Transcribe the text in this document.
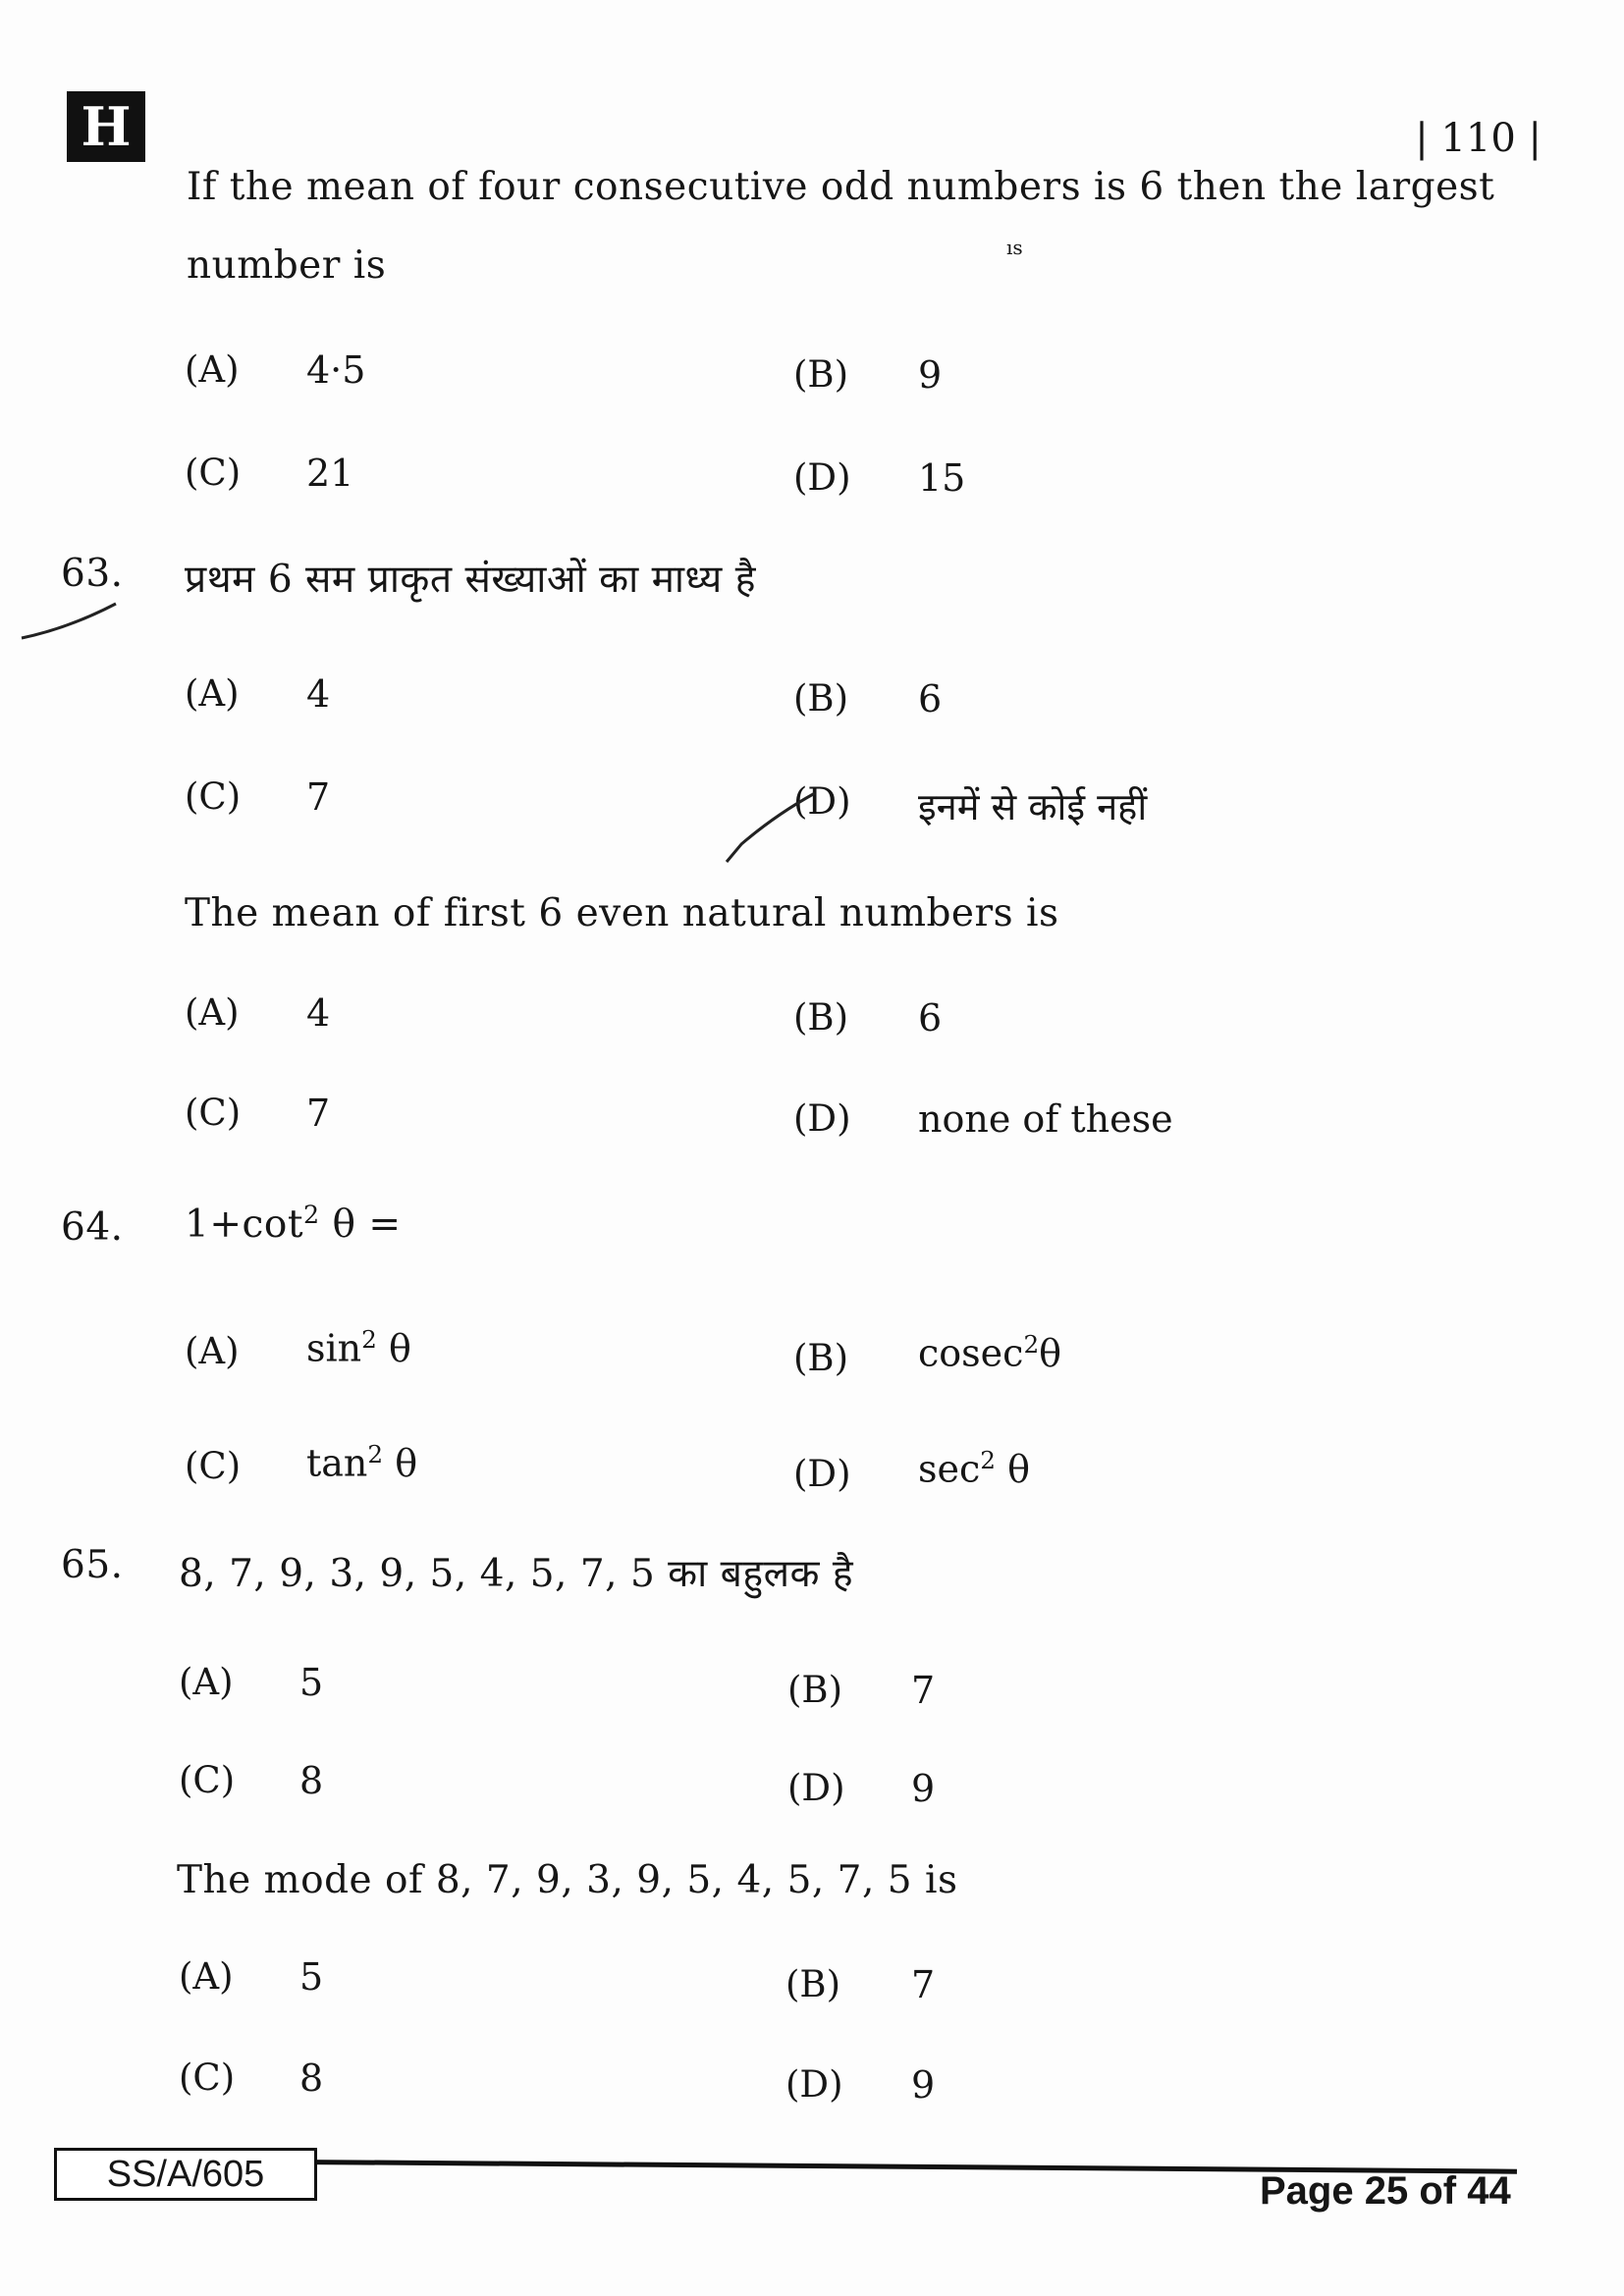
H	| 110 |
ıs
If the mean of four consecutive odd numbers is 6 then the largest
number is
(A) 4·5	(B) 9
(C) 21	(D) 15
63. प्रथम 6 सम प्राकृत संख्याओं का माध्य है
(A) 4	(B) 6
(C) 7	(D) इनमें से कोई नहीं
The mean of first 6 even natural numbers is
(A) 4	(B) 6
(C) 7	(D) none of these
64. $1+\cot^2$ θ =
(A) $\sin^2 \theta$	(B) cosec$^2$θ
(C) $\tan^2 \theta$	(D) $\sec^2 \theta$
65. 8, 7, 9, 3, 9, 5, 4, 5, 7, 5 का बहुलक है
(A) 5	(B) 7
(C) 8	(D) 9
The mode of 8, 7, 9, 3, 9, 5, 4, 5, 7, 5 is
(A) 5	(B) 7
(C) 8	(D) 9
SS/A/605	Page 25 of 44
